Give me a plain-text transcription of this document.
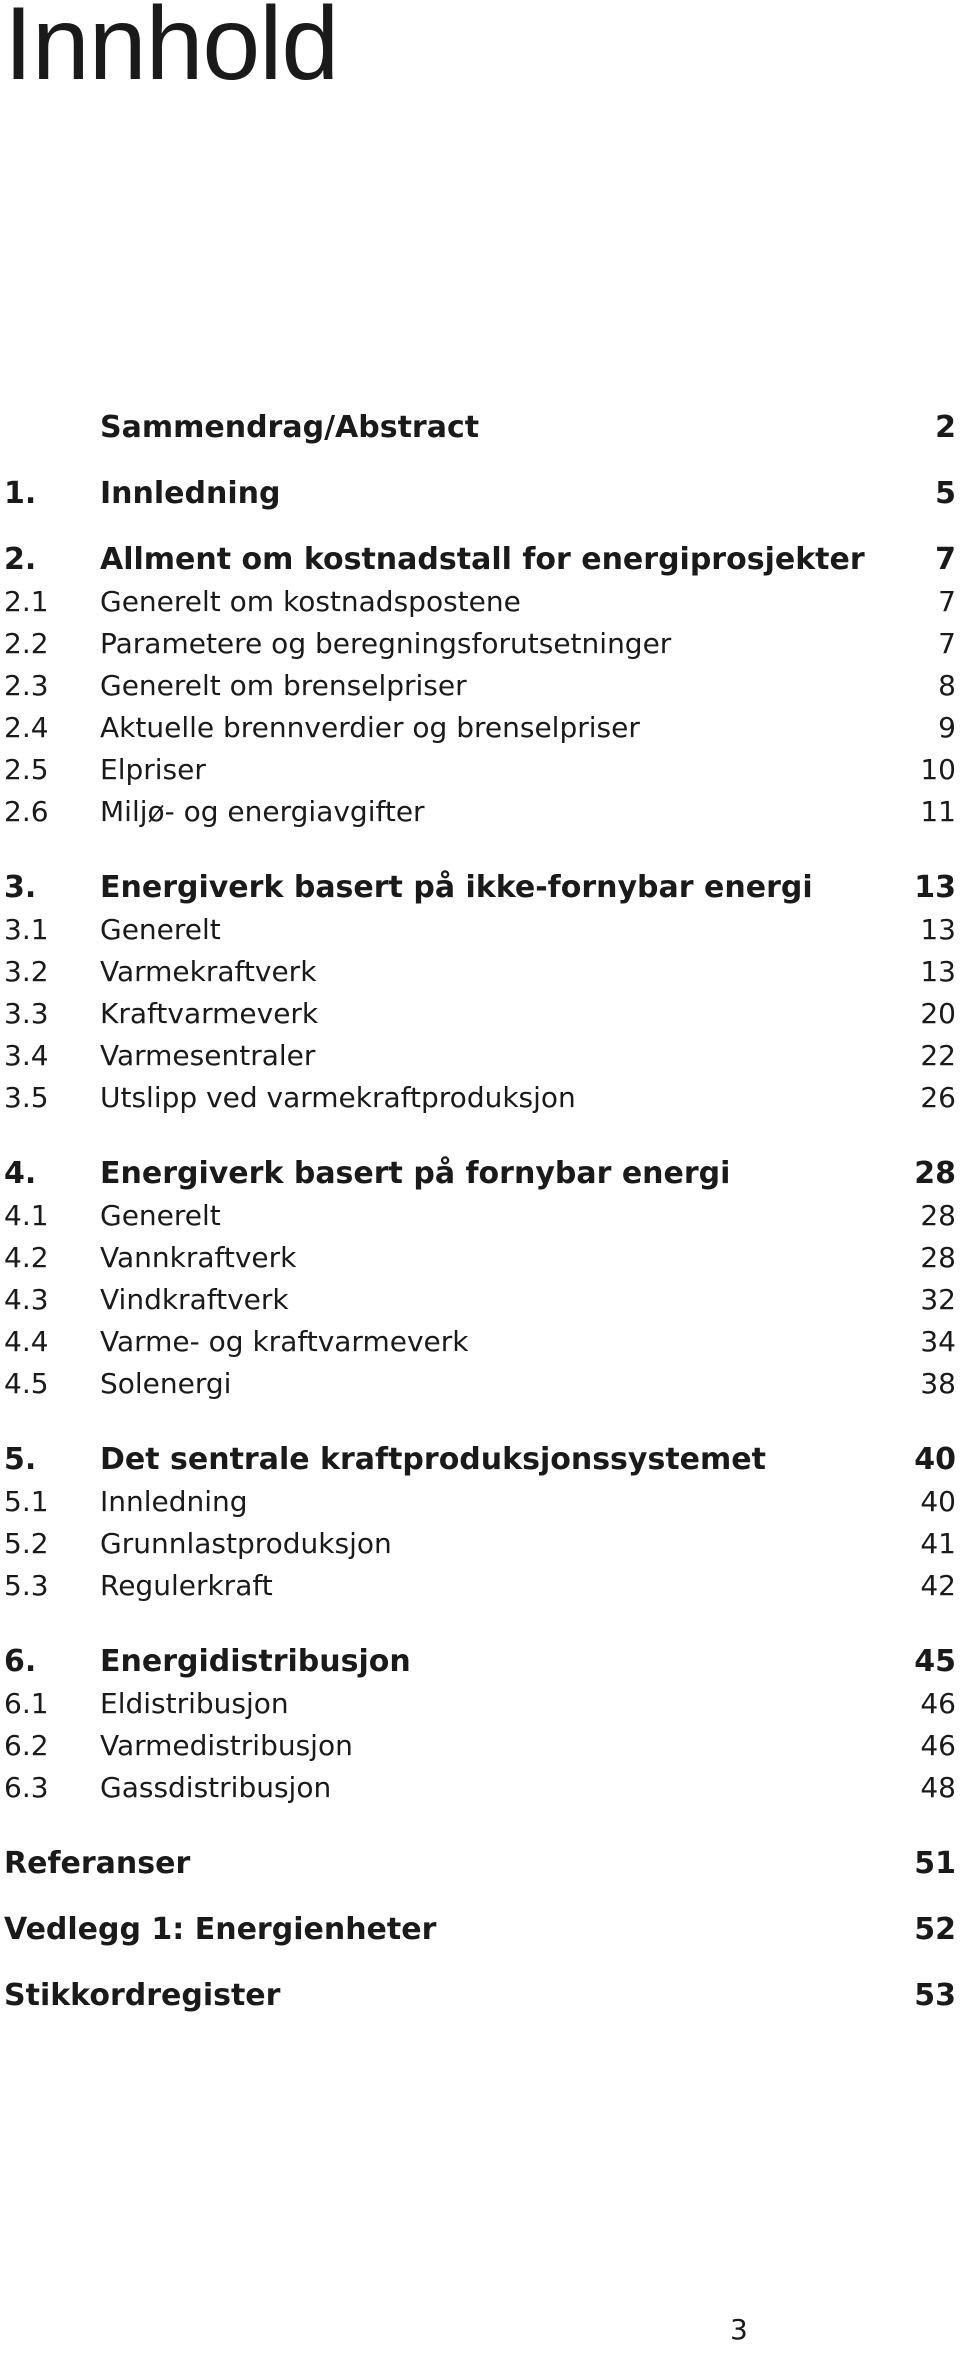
Innhold
Sammendrag/Abstract	2
1. Innledning	5
2. Allment om kostnadstall for energiprosjekter 7
2.1 Generelt om kostnadspostene	7
2.2 Parametere og beregningsforutsetninger	7
2.3 Generelt om brenselpriser	8
2.4 Aktuelle brennverdier og brenselpriser	9
2.5 Elpriser	10
2.6 Miljø- og energiavgifter	11
3. Energiverk basert på ikke-fornybar energi	13
3.1 Generelt	13
3.2 Varmekraftverk	13
3.3 Kraftvarmeverk	20
3.4 Varmesentraler	22
3.5 Utslipp ved varmekraftproduksjon	26
4. Energiverk basert på fornybar energi	28
4.1 Generelt	28
4.2 Vannkraftverk	28
4.3 Vindkraftverk	32
4.4 Varme- og kraftvarmeverk	34
4.5 Solenergi	38
5. Det sentrale kraftproduksjonssystemet	40
5.1 Innledning	40
5.2 Grunnlastproduksjon	41
5.3 Regulerkraft	42
6. Energidistribusjon	45
6.1 Eldistribusjon	46
6.2 Varmedistribusjon	46
6.3 Gassdistribusjon	48
Referanser	51
Vedlegg 1: Energienheter	52
Stikkordregister	53
3
